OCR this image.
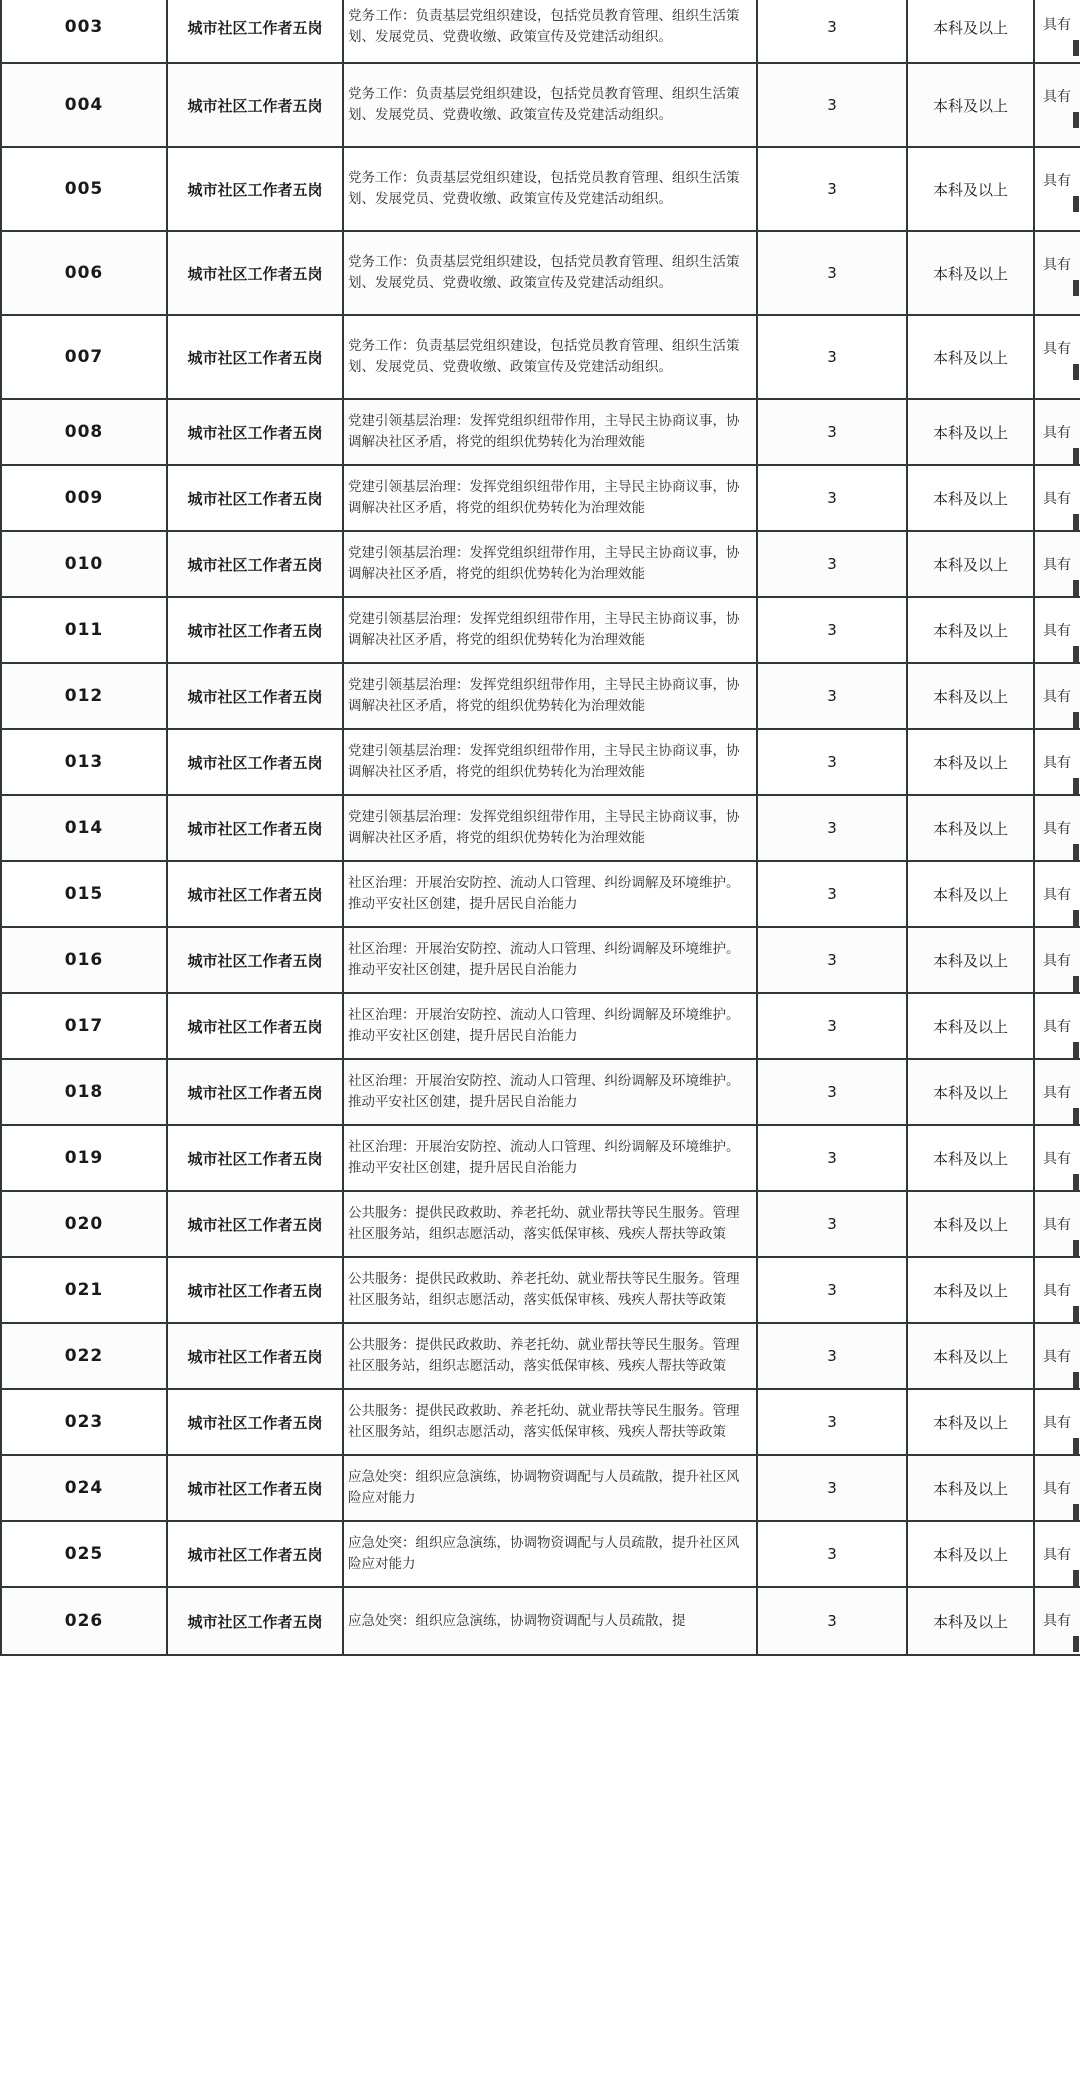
003	城市社区工作者五岗	党务工作：负责基层党组织建设，包括党员教育管理、组织生活策划、发展党员、党费收缴、政策宣传及党建活动组织。	3	本科及以上	具有

004	城市社区工作者五岗	党务工作：负责基层党组织建设，包括党员教育管理、组织生活策划、发展党员、党费收缴、政策宣传及党建活动组织。	3	本科及以上	具有

005	城市社区工作者五岗	党务工作：负责基层党组织建设，包括党员教育管理、组织生活策划、发展党员、党费收缴、政策宣传及党建活动组织。	3	本科及以上	具有

006	城市社区工作者五岗	党务工作：负责基层党组织建设，包括党员教育管理、组织生活策划、发展党员、党费收缴、政策宣传及党建活动组织。	3	本科及以上	具有

007	城市社区工作者五岗	党务工作：负责基层党组织建设，包括党员教育管理、组织生活策划、发展党员、党费收缴、政策宣传及党建活动组织。	3	本科及以上	具有

008	城市社区工作者五岗	党建引领基层治理：发挥党组织纽带作用，主导民主协商议事，协调解决社区矛盾，将党的组织优势转化为治理效能	3	本科及以上	具有

009	城市社区工作者五岗	党建引领基层治理：发挥党组织纽带作用，主导民主协商议事，协调解决社区矛盾，将党的组织优势转化为治理效能	3	本科及以上	具有

010	城市社区工作者五岗	党建引领基层治理：发挥党组织纽带作用，主导民主协商议事，协调解决社区矛盾，将党的组织优势转化为治理效能	3	本科及以上	具有

011	城市社区工作者五岗	党建引领基层治理：发挥党组织纽带作用，主导民主协商议事，协调解决社区矛盾，将党的组织优势转化为治理效能	3	本科及以上	具有

012	城市社区工作者五岗	党建引领基层治理：发挥党组织纽带作用，主导民主协商议事，协调解决社区矛盾，将党的组织优势转化为治理效能	3	本科及以上	具有

013	城市社区工作者五岗	党建引领基层治理：发挥党组织纽带作用，主导民主协商议事，协调解决社区矛盾，将党的组织优势转化为治理效能	3	本科及以上	具有

014	城市社区工作者五岗	党建引领基层治理：发挥党组织纽带作用，主导民主协商议事，协调解决社区矛盾，将党的组织优势转化为治理效能	3	本科及以上	具有

015	城市社区工作者五岗	社区治理：开展治安防控、流动人口管理、纠纷调解及环境维护。推动平安社区创建，提升居民自治能力	3	本科及以上	具有

016	城市社区工作者五岗	社区治理：开展治安防控、流动人口管理、纠纷调解及环境维护。推动平安社区创建，提升居民自治能力	3	本科及以上	具有

017	城市社区工作者五岗	社区治理：开展治安防控、流动人口管理、纠纷调解及环境维护。推动平安社区创建，提升居民自治能力	3	本科及以上	具有

018	城市社区工作者五岗	社区治理：开展治安防控、流动人口管理、纠纷调解及环境维护。推动平安社区创建，提升居民自治能力	3	本科及以上	具有

019	城市社区工作者五岗	社区治理：开展治安防控、流动人口管理、纠纷调解及环境维护。推动平安社区创建，提升居民自治能力	3	本科及以上	具有

020	城市社区工作者五岗	公共服务：提供民政救助、养老托幼、就业帮扶等民生服务。管理社区服务站，组织志愿活动，落实低保审核、残疾人帮扶等政策	3	本科及以上	具有

021	城市社区工作者五岗	公共服务：提供民政救助、养老托幼、就业帮扶等民生服务。管理社区服务站，组织志愿活动，落实低保审核、残疾人帮扶等政策	3	本科及以上	具有

022	城市社区工作者五岗	公共服务：提供民政救助、养老托幼、就业帮扶等民生服务。管理社区服务站，组织志愿活动，落实低保审核、残疾人帮扶等政策	3	本科及以上	具有

023	城市社区工作者五岗	公共服务：提供民政救助、养老托幼、就业帮扶等民生服务。管理社区服务站，组织志愿活动，落实低保审核、残疾人帮扶等政策	3	本科及以上	具有

024	城市社区工作者五岗	应急处突：组织应急演练，协调物资调配与人员疏散，提升社区风险应对能力	3	本科及以上	具有

025	城市社区工作者五岗	应急处突：组织应急演练，协调物资调配与人员疏散，提升社区风险应对能力	3	本科及以上	具有

026	城市社区工作者五岗	应急处突：组织应急演练，协调物资调配与人员疏散，提	3	本科及以上	具有
